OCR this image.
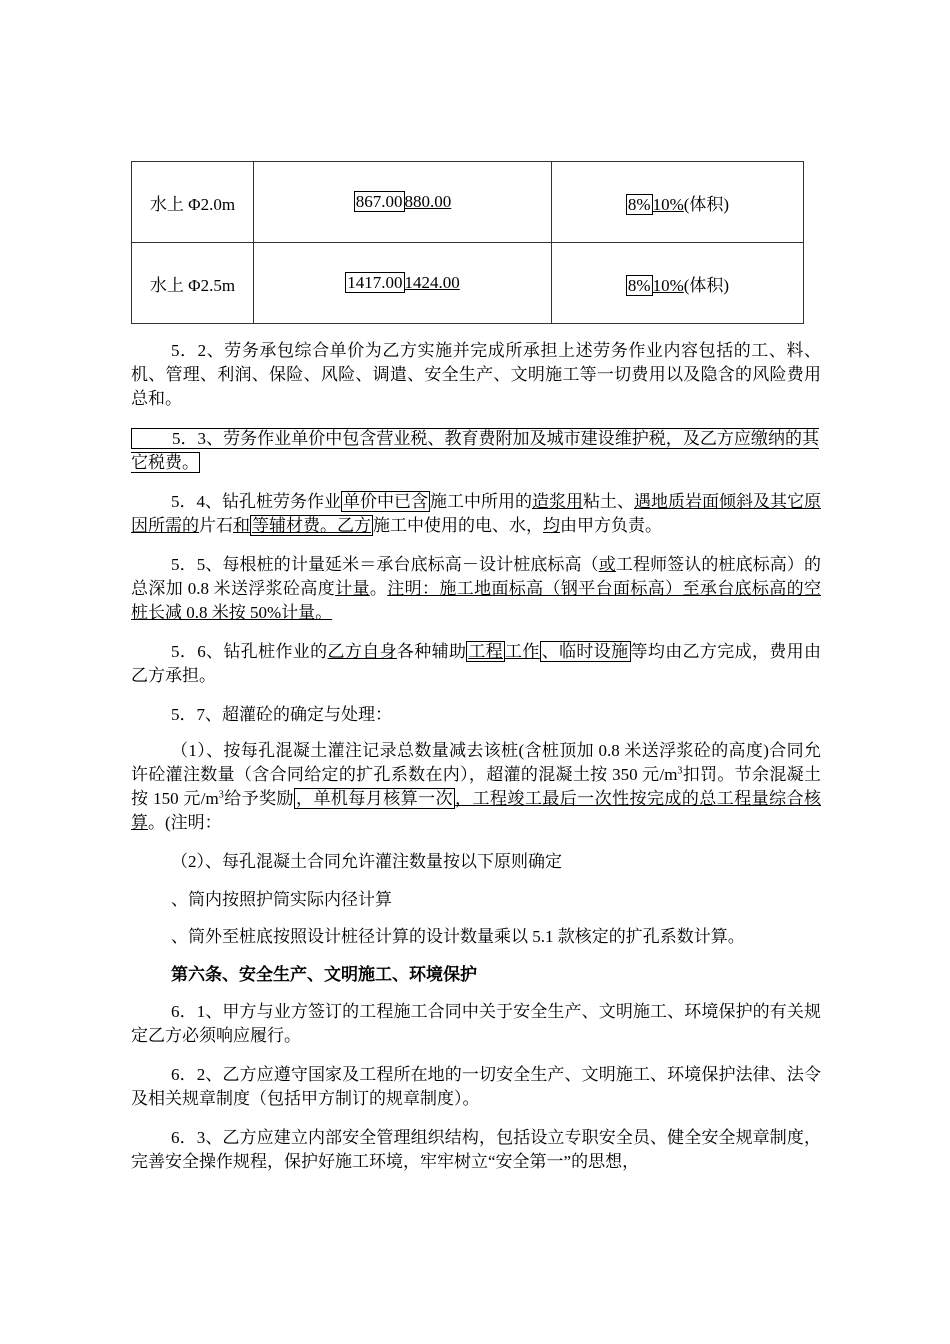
水上 Φ2.0m	867.00 880.00	8% 10%(体积)
水上 Φ2.5m	1417.00 1424.00	8% 10%(体积)
5．2、劳务承包综合单价为乙方实施并完成所承担上述劳务作业内容包括的工、料、机、管理、利润、保险、风险、调遣、安全生产、文明施工等一切费用以及隐含的风险费用总和。
5．3、劳务作业单价中包含营业税、教育费附加及城市建设维护税，及乙方应缴纳的其它税费。
5．4、钻孔桩劳务作业 单价中已含 施工中所用的造浆用粘土、遇地质岩面倾斜及其它原因所需的片石和 等辅材费。乙方 施工中使用的电、水，均由甲方负责。
5．5、每根桩的计量延米＝承台底标高－设计桩底标高（或工程师签认的桩底标高）的总深加 0.8 米送浮浆砼高度计量。注明：施工地面标高（钢平台面标高）至承台底标高的空桩长减 0.8 米按 50%计量。
5．6、钻孔桩作业的乙方自身各种辅助 工程 工作 、临时设施 等均由乙方完成，费用由乙方承担。
5．7、超灌砼的确定与处理：
（1）、按每孔混凝土灌注记录总数量减去该桩(含桩顶加 0.8 米送浮浆砼的高度)合同允许砼灌注数量（含合同给定的扩孔系数在内），超灌的混凝土按 350 元$/m^3$扣罚。节余混凝土按 150 元$/m^3$给予奖励 ，单机每月核算一次 ，工程竣工最后一次性按完成的总工程量综合核算。(注明：
（2）、每孔混凝土合同允许灌注数量按以下原则确定
、筒内按照护筒实际内径计算
、筒外至桩底按照设计桩径计算的设计数量乘以 5.1 款核定的扩孔系数计算。
第六条、安全生产、文明施工、环境保护
6．1、甲方与业方签订的工程施工合同中关于安全生产、文明施工、环境保护的有关规定乙方必须响应履行。
6．2、乙方应遵守国家及工程所在地的一切安全生产、文明施工、环境保护法律、法令及相关规章制度（包括甲方制订的规章制度）。
6．3、乙方应建立内部安全管理组织结构，包括设立专职安全员、健全安全规章制度，完善安全操作规程，保护好施工环境，牢牢树立“安全第一”的思想，
